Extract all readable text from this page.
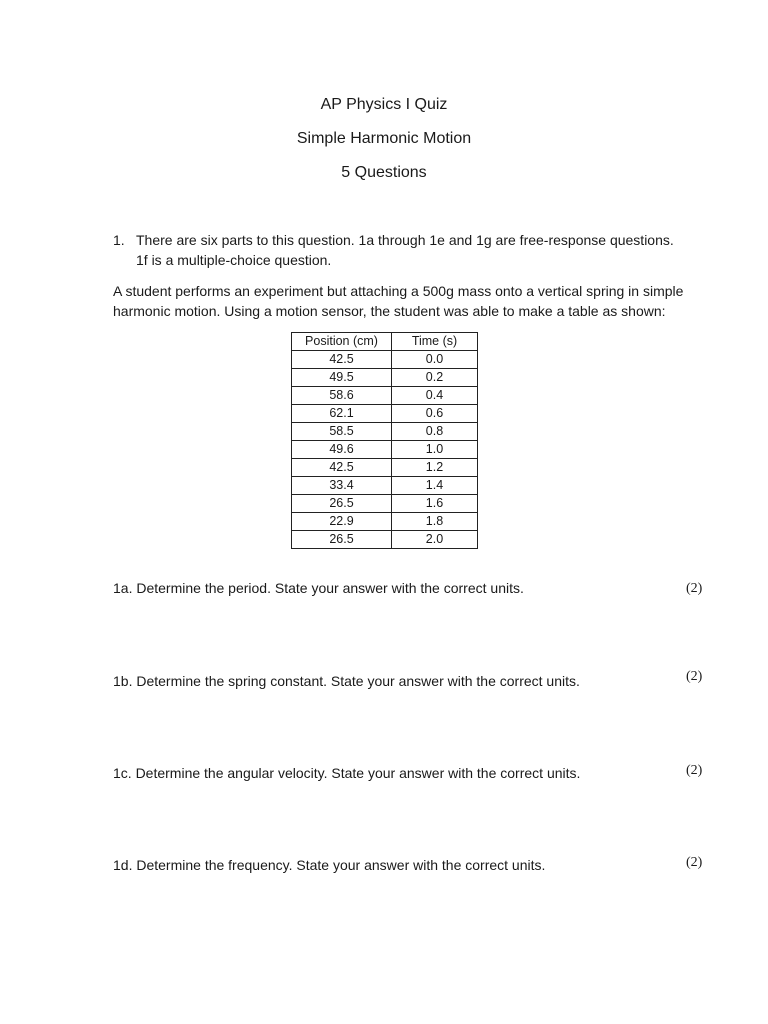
AP Physics I Quiz
Simple Harmonic Motion
5 Questions
1. There are six parts to this question. 1a through 1e and 1g are free-response questions. 1f is a multiple-choice question.
A student performs an experiment but attaching a 500g mass onto a vertical spring in simple harmonic motion. Using a motion sensor, the student was able to make a table as shown:
Position (cm)	Time (s)
42.5	0.0
49.5	0.2
58.6	0.4
62.1	0.6
58.5	0.8
49.6	1.0
42.5	1.2
33.4	1.4
26.5	1.6
22.9	1.8
26.5	2.0
1a. Determine the period. State your answer with the correct units.	(2)
1b. Determine the spring constant. State your answer with the correct units.	(2)
1c. Determine the angular velocity. State your answer with the correct units.	(2)
1d. Determine the frequency. State your answer with the correct units.	(2)
